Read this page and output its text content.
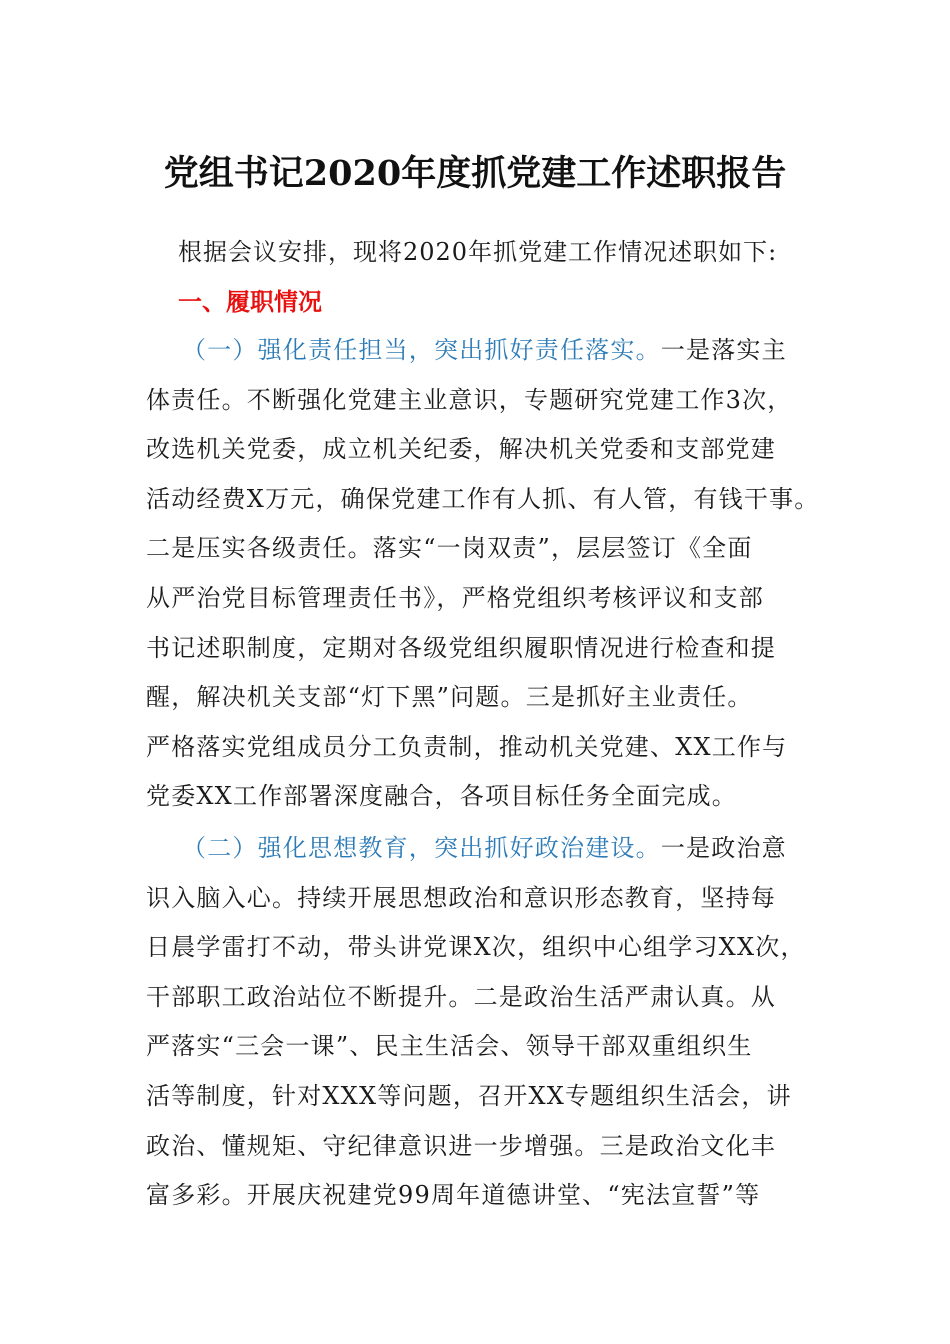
党组书记2020年度抓党建工作述职报告

根据会议安排，现将2020年抓党建工作情况述职如下:

一、履职情况
（一）强化责任担当，突出抓好责任落实。一是落实主
体责任。不断强化党建主业意识，专题研究党建工作3次，
改选机关党委，成立机关纪委，解决机关党委和支部党建
活动经费X万元，确保党建工作有人抓、有人管，有钱干事。
二是压实各级责任。落实“一岗双责”，层层签订《全面
从严治党目标管理责任书》，严格党组织考核评议和支部
书记述职制度，定期对各级党组织履职情况进行检查和提
醒，解决机关支部“灯下黑”问题。三是抓好主业责任。
严格落实党组成员分工负责制，推动机关党建、XX工作与
党委XX工作部署深度融合，各项目标任务全面完成。
（二）强化思想教育，突出抓好政治建设。一是政治意
识入脑入心。持续开展思想政治和意识形态教育，坚持每
日晨学雷打不动，带头讲党课X次，组织中心组学习XX次，
干部职工政治站位不断提升。二是政治生活严肃认真。从
严落实“三会一课”、民主生活会、领导干部双重组织生
活等制度，针对XXX等问题，召开XX专题组织生活会，讲
政治、懂规矩、守纪律意识进一步增强。三是政治文化丰
富多彩。开展庆祝建党99周年道德讲堂、“宪法宣誓”等
